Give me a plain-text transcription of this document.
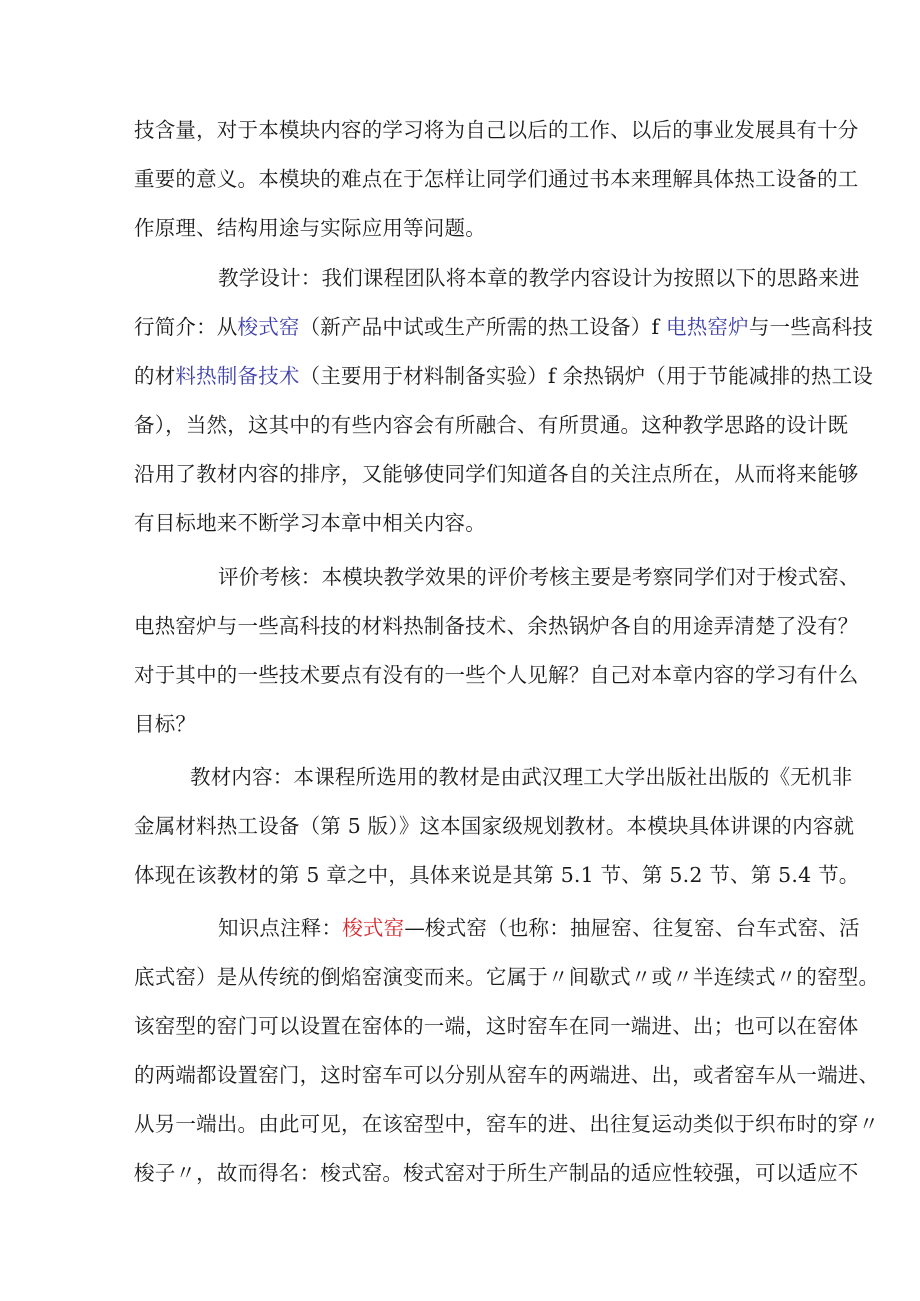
技含量，对于本模块内容的学习将为自己以后的工作、以后的事业发展具有十分
重要的意义。本模块的难点在于怎样让同学们通过书本来理解具体热工设备的工
作原理、结构用途与实际应用等问题。
教学设计：我们课程团队将本章的教学内容设计为按照以下的思路来进
行简介：从梭式窑（新产品中试或生产所需的热工设备）f 电热窑炉与一些高科技
的材料热制备技术（主要用于材料制备实验）f 余热锅炉（用于节能减排的热工设
备），当然，这其中的有些内容会有所融合、有所贯通。这种教学思路的设计既
沿用了教材内容的排序，又能够使同学们知道各自的关注点所在，从而将来能够
有目标地来不断学习本章中相关内容。
评价考核：本模块教学效果的评价考核主要是考察同学们对于梭式窑、
电热窑炉与一些高科技的材料热制备技术、余热锅炉各自的用途弄清楚了没有？
对于其中的一些技术要点有没有的一些个人见解？自己对本章内容的学习有什么
目标？
教材内容：本课程所选用的教材是由武汉理工大学出版社出版的《无机非
金属材料热工设备（第 5 版）》这本国家级规划教材。本模块具体讲课的内容就
体现在该教材的第 5 章之中，具体来说是其第 5.1 节、第 5.2 节、第 5.4 节。
知识点注释：梭式窑—梭式窑（也称：抽屉窑、往复窑、台车式窑、活
底式窑）是从传统的倒焰窑演变而来。它属于〃间歇式〃或〃半连续式〃的窑型。
该窑型的窑门可以设置在窑体的一端，这时窑车在同一端进、出；也可以在窑体
的两端都设置窑门，这时窑车可以分别从窑车的两端进、出，或者窑车从一端进、
从另一端出。由此可见，在该窑型中，窑车的进、出往复运动类似于织布时的穿〃
梭子〃，故而得名：梭式窑。梭式窑对于所生产制品的适应性较强，可以适应不
